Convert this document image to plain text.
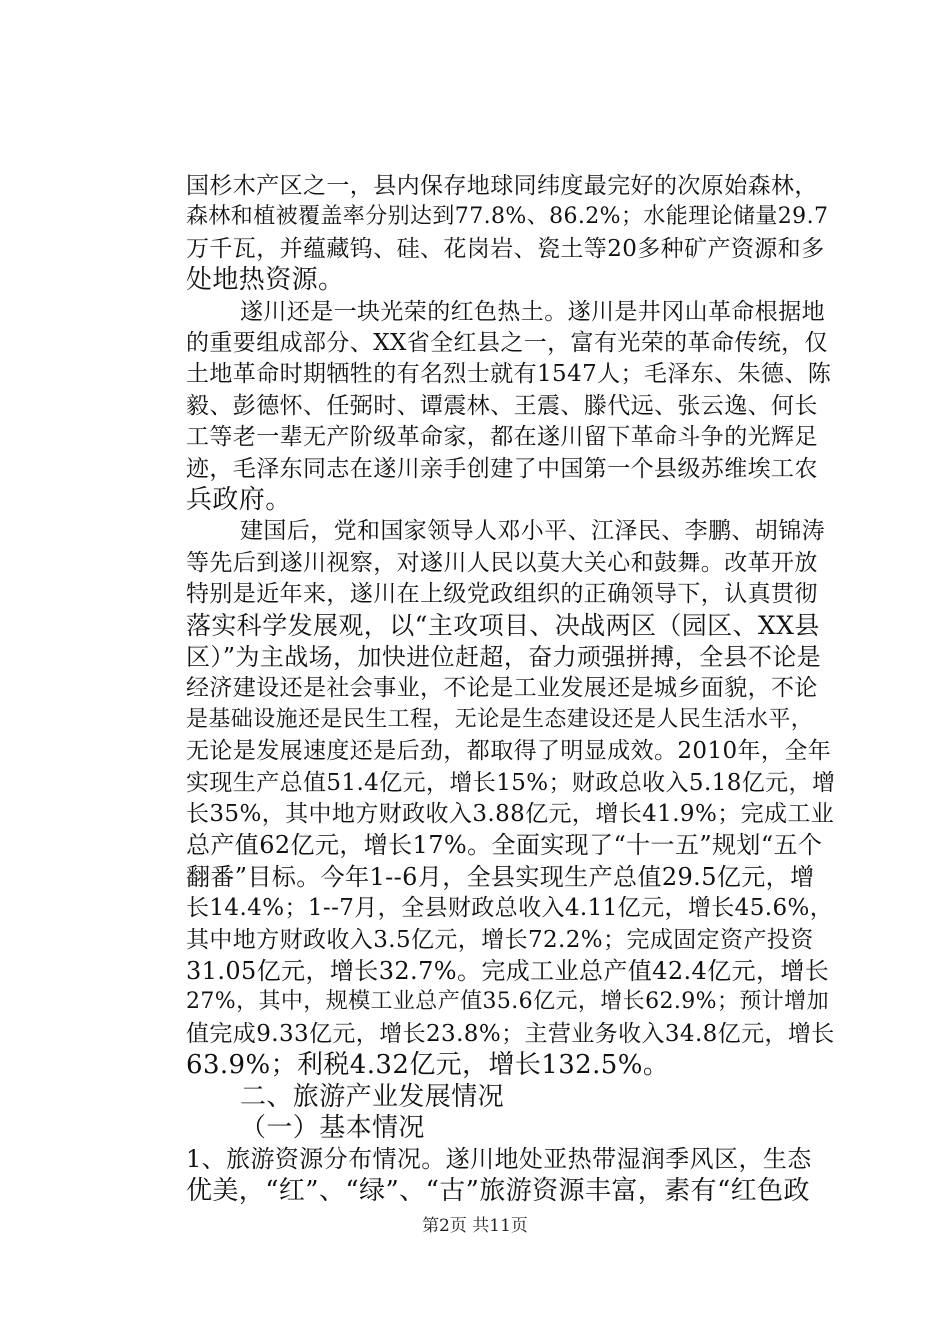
国杉木产区之一，县内保存地球同纬度最完好的次原始森林，
森林和植被覆盖率分别达到77.8%、86.2%；水能理论储量29.7
万千瓦，并蕴藏钨、硅、花岗岩、瓷土等20多种矿产资源和多
处地热资源。
遂川还是一块光荣的红色热土。遂川是井冈山革命根据地
的重要组成部分、XX省全红县之一，富有光荣的革命传统，仅
土地革命时期牺牲的有名烈士就有1547人；毛泽东、朱德、陈
毅、彭德怀、任弼时、谭震林、王震、滕代远、张云逸、何长
工等老一辈无产阶级革命家，都在遂川留下革命斗争的光辉足
迹，毛泽东同志在遂川亲手创建了中国第一个县级苏维埃工农
兵政府。
建国后，党和国家领导人邓小平、江泽民、李鹏、胡锦涛
等先后到遂川视察，对遂川人民以莫大关心和鼓舞。改革开放
特别是近年来，遂川在上级党政组织的正确领导下，认真贯彻
落实科学发展观，以“主攻项目、决战两区（园区、XX县
区）”为主战场，加快进位赶超，奋力顽强拼搏，全县不论是
经济建设还是社会事业，不论是工业发展还是城乡面貌，不论
是基础设施还是民生工程，无论是生态建设还是人民生活水平，
无论是发展速度还是后劲，都取得了明显成效。2010年，全年
实现生产总值51.4亿元，增长15%；财政总收入5.18亿元，增
长35%，其中地方财政收入3.88亿元，增长41.9%；完成工业
总产值62亿元，增长17%。全面实现了“十一五”规划“五个
翻番”目标。今年1--6月，全县实现生产总值29.5亿元，增
长14.4%；1--7月，全县财政总收入4.11亿元，增长45.6%，
其中地方财政收入3.5亿元，增长72.2%；完成固定资产投资
31.05亿元，增长32.7%。完成工业总产值42.4亿元，增长
27%，其中，规模工业总产值35.6亿元，增长62.9%；预计增加
值完成9.33亿元，增长23.8%；主营业务收入34.8亿元，增长
63.9%；利税4.32亿元，增长132.5%。
二、旅游产业发展情况
（一）基本情况
1、旅游资源分布情况。遂川地处亚热带湿润季风区，生态
优美，“红”、“绿”、“古”旅游资源丰富，素有“红色政
第2页 共11页
